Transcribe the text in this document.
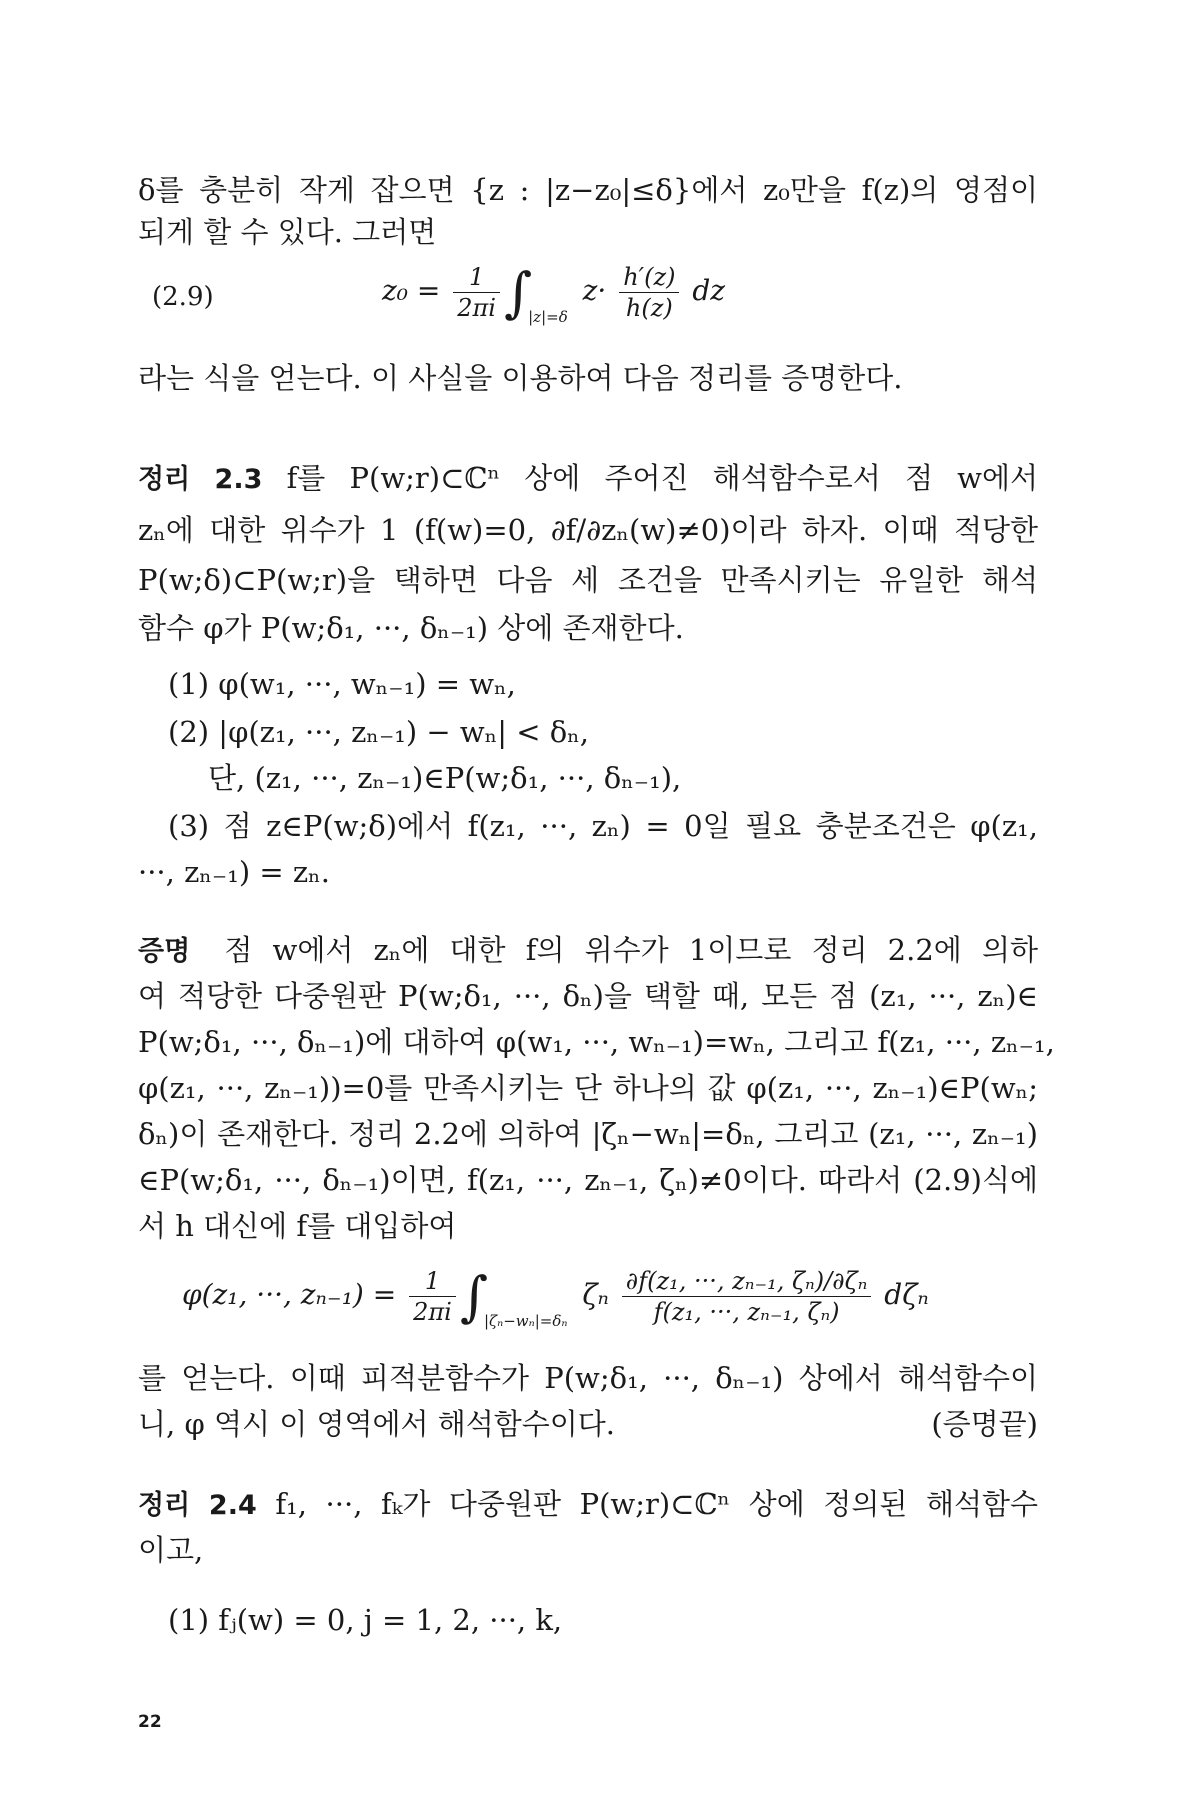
δ를 충분히 작게 잡으면 {z : |z−z₀|≤δ}에서 z₀만을 f(z)의 영점이
되게 할 수 있다. 그러면
(2.9)	$z_0 = \frac{1}{2\pi i} \int|z|=\delta$ $z\cdot \frac{h'(z)}{h(z)}$ dz
라는 식을 얻는다. 이 사실을 이용하여 다음 정리를 증명한다.
정리 2.3 f를 P(w;r)⊂ℂⁿ 상에 주어진 해석함수로서 점 w에서
zₙ에 대한 위수가 1 (f(w)=0, ∂f/∂zₙ(w)≠0)이라 하자. 이때 적당한
P(w;δ)⊂P(w;r)을 택하면 다음 세 조건을 만족시키는 유일한 해석
함수 φ가 P(w;δ₁, ···, δₙ₋₁) 상에 존재한다.
(1) φ(w₁, ···, wₙ₋₁) = wₙ,
(2) |φ(z₁, ···, zₙ₋₁) − wₙ| < δₙ,
단, (z₁, ···, zₙ₋₁)∈P(w;δ₁, ···, δₙ₋₁),
(3) 점 z∈P(w;δ)에서 f(z₁, ···, zₙ) = 0일 필요 충분조건은 φ(z₁,
···, zₙ₋₁) = zₙ.
증명 점 w에서 zₙ에 대한 f의 위수가 1이므로 정리 2.2에 의하
여 적당한 다중원판 P(w;δ₁, ···, δₙ)을 택할 때, 모든 점 (z₁, ···, zₙ)∈
P(w;δ₁, ···, δₙ₋₁)에 대하여 φ(w₁, ···, wₙ₋₁)=wₙ, 그리고 f(z₁, ···, zₙ₋₁,
φ(z₁, ···, zₙ₋₁))=0를 만족시키는 단 하나의 값 φ(z₁, ···, zₙ₋₁)∈P(wₙ;
δₙ)이 존재한다. 정리 2.2에 의하여 |ζₙ−wₙ|=δₙ, 그리고 (z₁, ···, zₙ₋₁)
∈P(w;δ₁, ···, δₙ₋₁)이면, f(z₁, ···, zₙ₋₁, ζₙ)≠0이다. 따라서 (2.9)식에
서 h 대신에 f를 대입하여
φ(z₁, ···, $z_{n-1}) = \frac{1}{2\pi i} \int|\zeta_n-w_n|=\delta_n$ ζₙ $\frac{\text{∂f(z₁, ···, zₙ₋₁, ζₙ)/∂ζₙ}}{\text{f(z₁, ···, zₙ₋₁, ζₙ)}}$ dζₙ
를 얻는다. 이때 피적분함수가 P(w;δ₁, ···, δₙ₋₁) 상에서 해석함수이
니, φ 역시 이 영역에서 해석함수이다.	(증명끝)
정리 2.4 f₁, ···, fₖ가 다중원판 P(w;r)⊂ℂⁿ 상에 정의된 해석함수
이고,
(1) fⱼ(w) = 0, j = 1, 2, ···, k,
22
